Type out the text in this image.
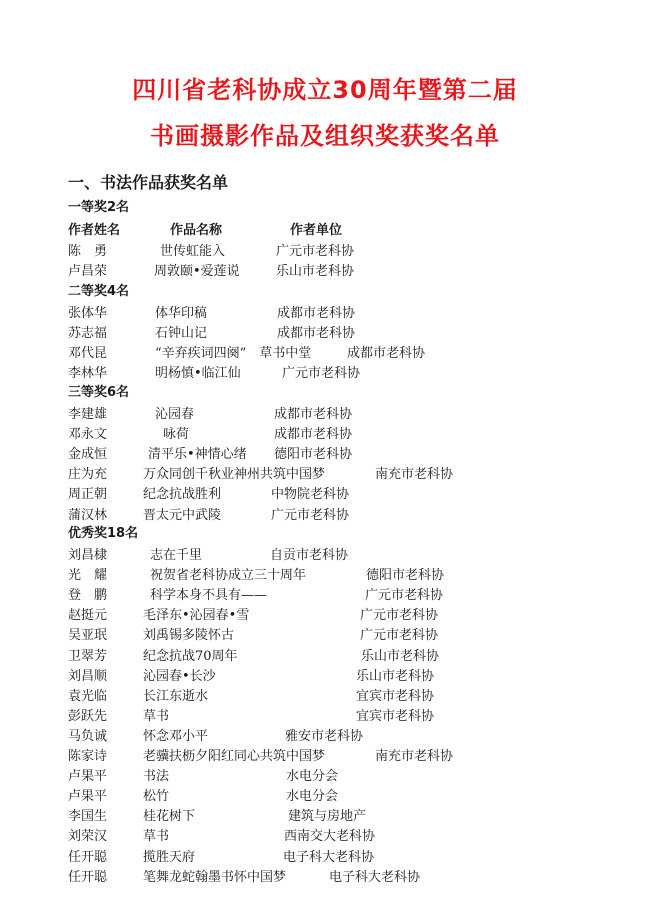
四川省老科协成立30周年暨第二届
书画摄影作品及组织奖获奖名单
一、书法作品获奖名单
作者姓名	作品名称	作者单位
一等奖2名
陈　勇	世传虹能入	广元市老科协
卢昌荣	周敦颐•爱莲说	乐山市老科协
二等奖4名
张体华	体华印稿	成都市老科协
苏志福	石钟山记	成都市老科协
邓代昆	“辛弃疾词四阕”　草书中堂	成都市老科协
李林华	明杨慎•临江仙	广元市老科协
三等奖6名
李建雄	沁园春	成都市老科协
邓永文	咏荷	成都市老科协
金成恒	清平乐•神情心绪 德阳市老科协
庄为充	万众同创千秋业神州共筑中国梦	南充市老科协
周正朝	纪念抗战胜利	中物院老科协
蒲汉林	晋太元中武陵	广元市老科协
优秀奖18名
刘昌棣	志在千里	自贡市老科协
光　耀	祝贺省老科协成立三十周年	德阳市老科协
登　鹏	科学本身不具有——	广元市老科协
赵挺元	毛泽东•沁园春•雪	广元市老科协
吴亚珉	刘禹锡多陵怀古	广元市老科协
卫翠芳	纪念抗战70周年	乐山市老科协
刘昌顺	沁园春•长沙	乐山市老科协
袁光临	长江东逝水	宜宾市老科协
彭跃先	草书	宜宾市老科协
马负诚	怀念邓小平	雅安市老科协
陈家诗	老骥扶枥夕阳红同心共筑中国梦	南充市老科协
卢果平	书法	水电分会
卢果平	松竹	水电分会
李国生	桂花树下	建筑与房地产
刘荣汉	草书	西南交大老科协
任开聪	揽胜天府	电子科大老科协
任开聪	笔舞龙蛇翰墨书怀中国梦	电子科大老科协
